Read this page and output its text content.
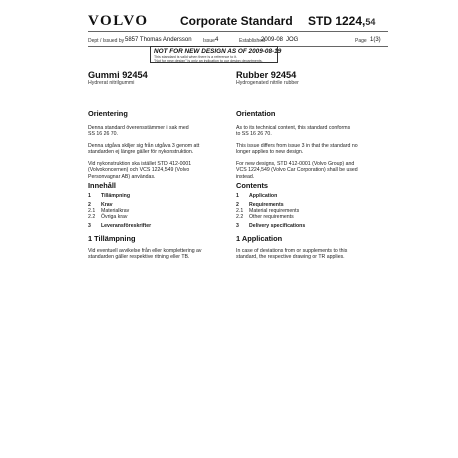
VOLVO	Corporate Standard STD 1224,54
Dept / Issued by 5857 Thomas Andersson Issue 4	Established
2009-08 JOG	Page 1(3)
NOT FOR NEW DESIGN AS OF 2009-08-19
This standard is valid when there is a reference to it.
"Not for new design" is only an indication to our design departments.

Gummi 92454

Hydrerat nitrilgummi

Orientering

Denna standard överensstämmer i sak med

SS 16 26 70.

Denna utgåva skiljer sig från utgåva 3 genom att

standarden ej längre gäller för nykonstruktion.

Vid nykonstruktion ska istället STD 412-0001

(Volvokoncernen) och VCS 1224,549 (Volvo

Personvagnar AB) användas.

Innehåll

1 Tillämpning
2 Krav
2.1 Materialkrav
2.2 Övriga krav
3 Leveransföreskrifter

1 Tillämpning

Vid eventuell avvikelse från eller komplettering av

standarden gäller respektive ritning eller TB.

Rubber 92454

Hydrogenated nitrile rubber

Orientation

As to its technical content, this standard conforms

to SS 16 26 70.

This issue differs from issue 3 in that the standard no

longer applies to new design.

For new designs, STD 412-0001 (Volvo Group) and

VCS 1224,549 (Volvo Car Corporation) shall be used

instead.

Contents

1 Application
2 Requirements
2.1 Material requirements
2.2 Other requirements
3 Delivery specifications

1 Application

In case of deviations from or supplements to this

standard, the respective drawing or TR applies.
